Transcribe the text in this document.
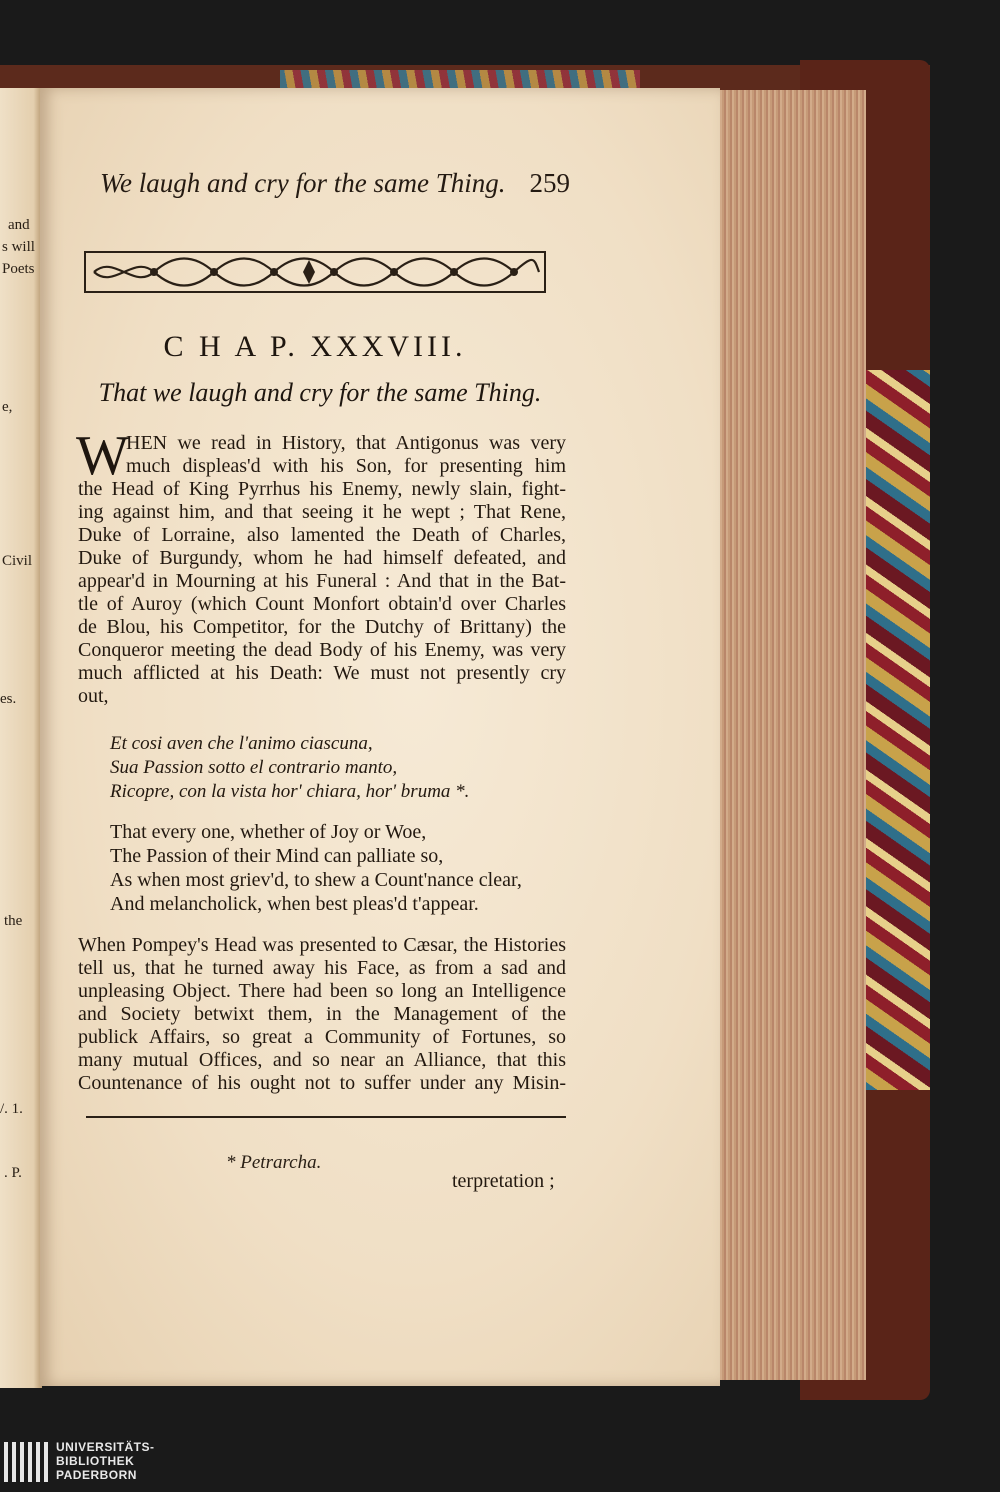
and
s will
Poets
e,
Civil
es.
the
/. 1.
. P.
We laugh and cry for the same Thing. 259
C H A P. XXXVIII.
That we laugh and cry for the same Thing.
W
HEN we read in History, that Antigonus was very
much displeas'd with his Son, for presenting him
the Head of King Pyrrhus his Enemy, newly slain, fight-
ing against him, and that seeing it he wept ; That Rene,
Duke of Lorraine, also lamented the Death of Charles,
Duke of Burgundy, whom he had himself defeated, and
appear'd in Mourning at his Funeral : And that in the Bat-
tle of Auroy (which Count Monfort obtain'd over Charles
de Blou, his Competitor, for the Dutchy of Brittany) the
Conqueror meeting the dead Body of his Enemy, was very
much afflicted at his Death: We must not presently cry
out,
Et cosi aven che l'animo ciascuna,
Sua Passion sotto el contrario manto,
Ricopre, con la vista hor' chiara, hor' bruma *.
That every one, whether of Joy or Woe,
The Passion of their Mind can palliate so,
As when most griev'd, to shew a Count'nance clear,
And melancholick, when best pleas'd t'appear.
When Pompey's Head was presented to Cæsar, the Histories
tell us, that he turned away his Face, as from a sad and
unpleasing Object. There had been so long an Intelligence
and Society betwixt them, in the Management of the
publick Affairs, so great a Community of Fortunes, so
many mutual Offices, and so near an Alliance, that this
Countenance of his ought not to suffer under any Misin-
* Petrarcha.
terpretation ;
UNIVERSITÄTS-
BIBLIOTHEK
PADERBORN
